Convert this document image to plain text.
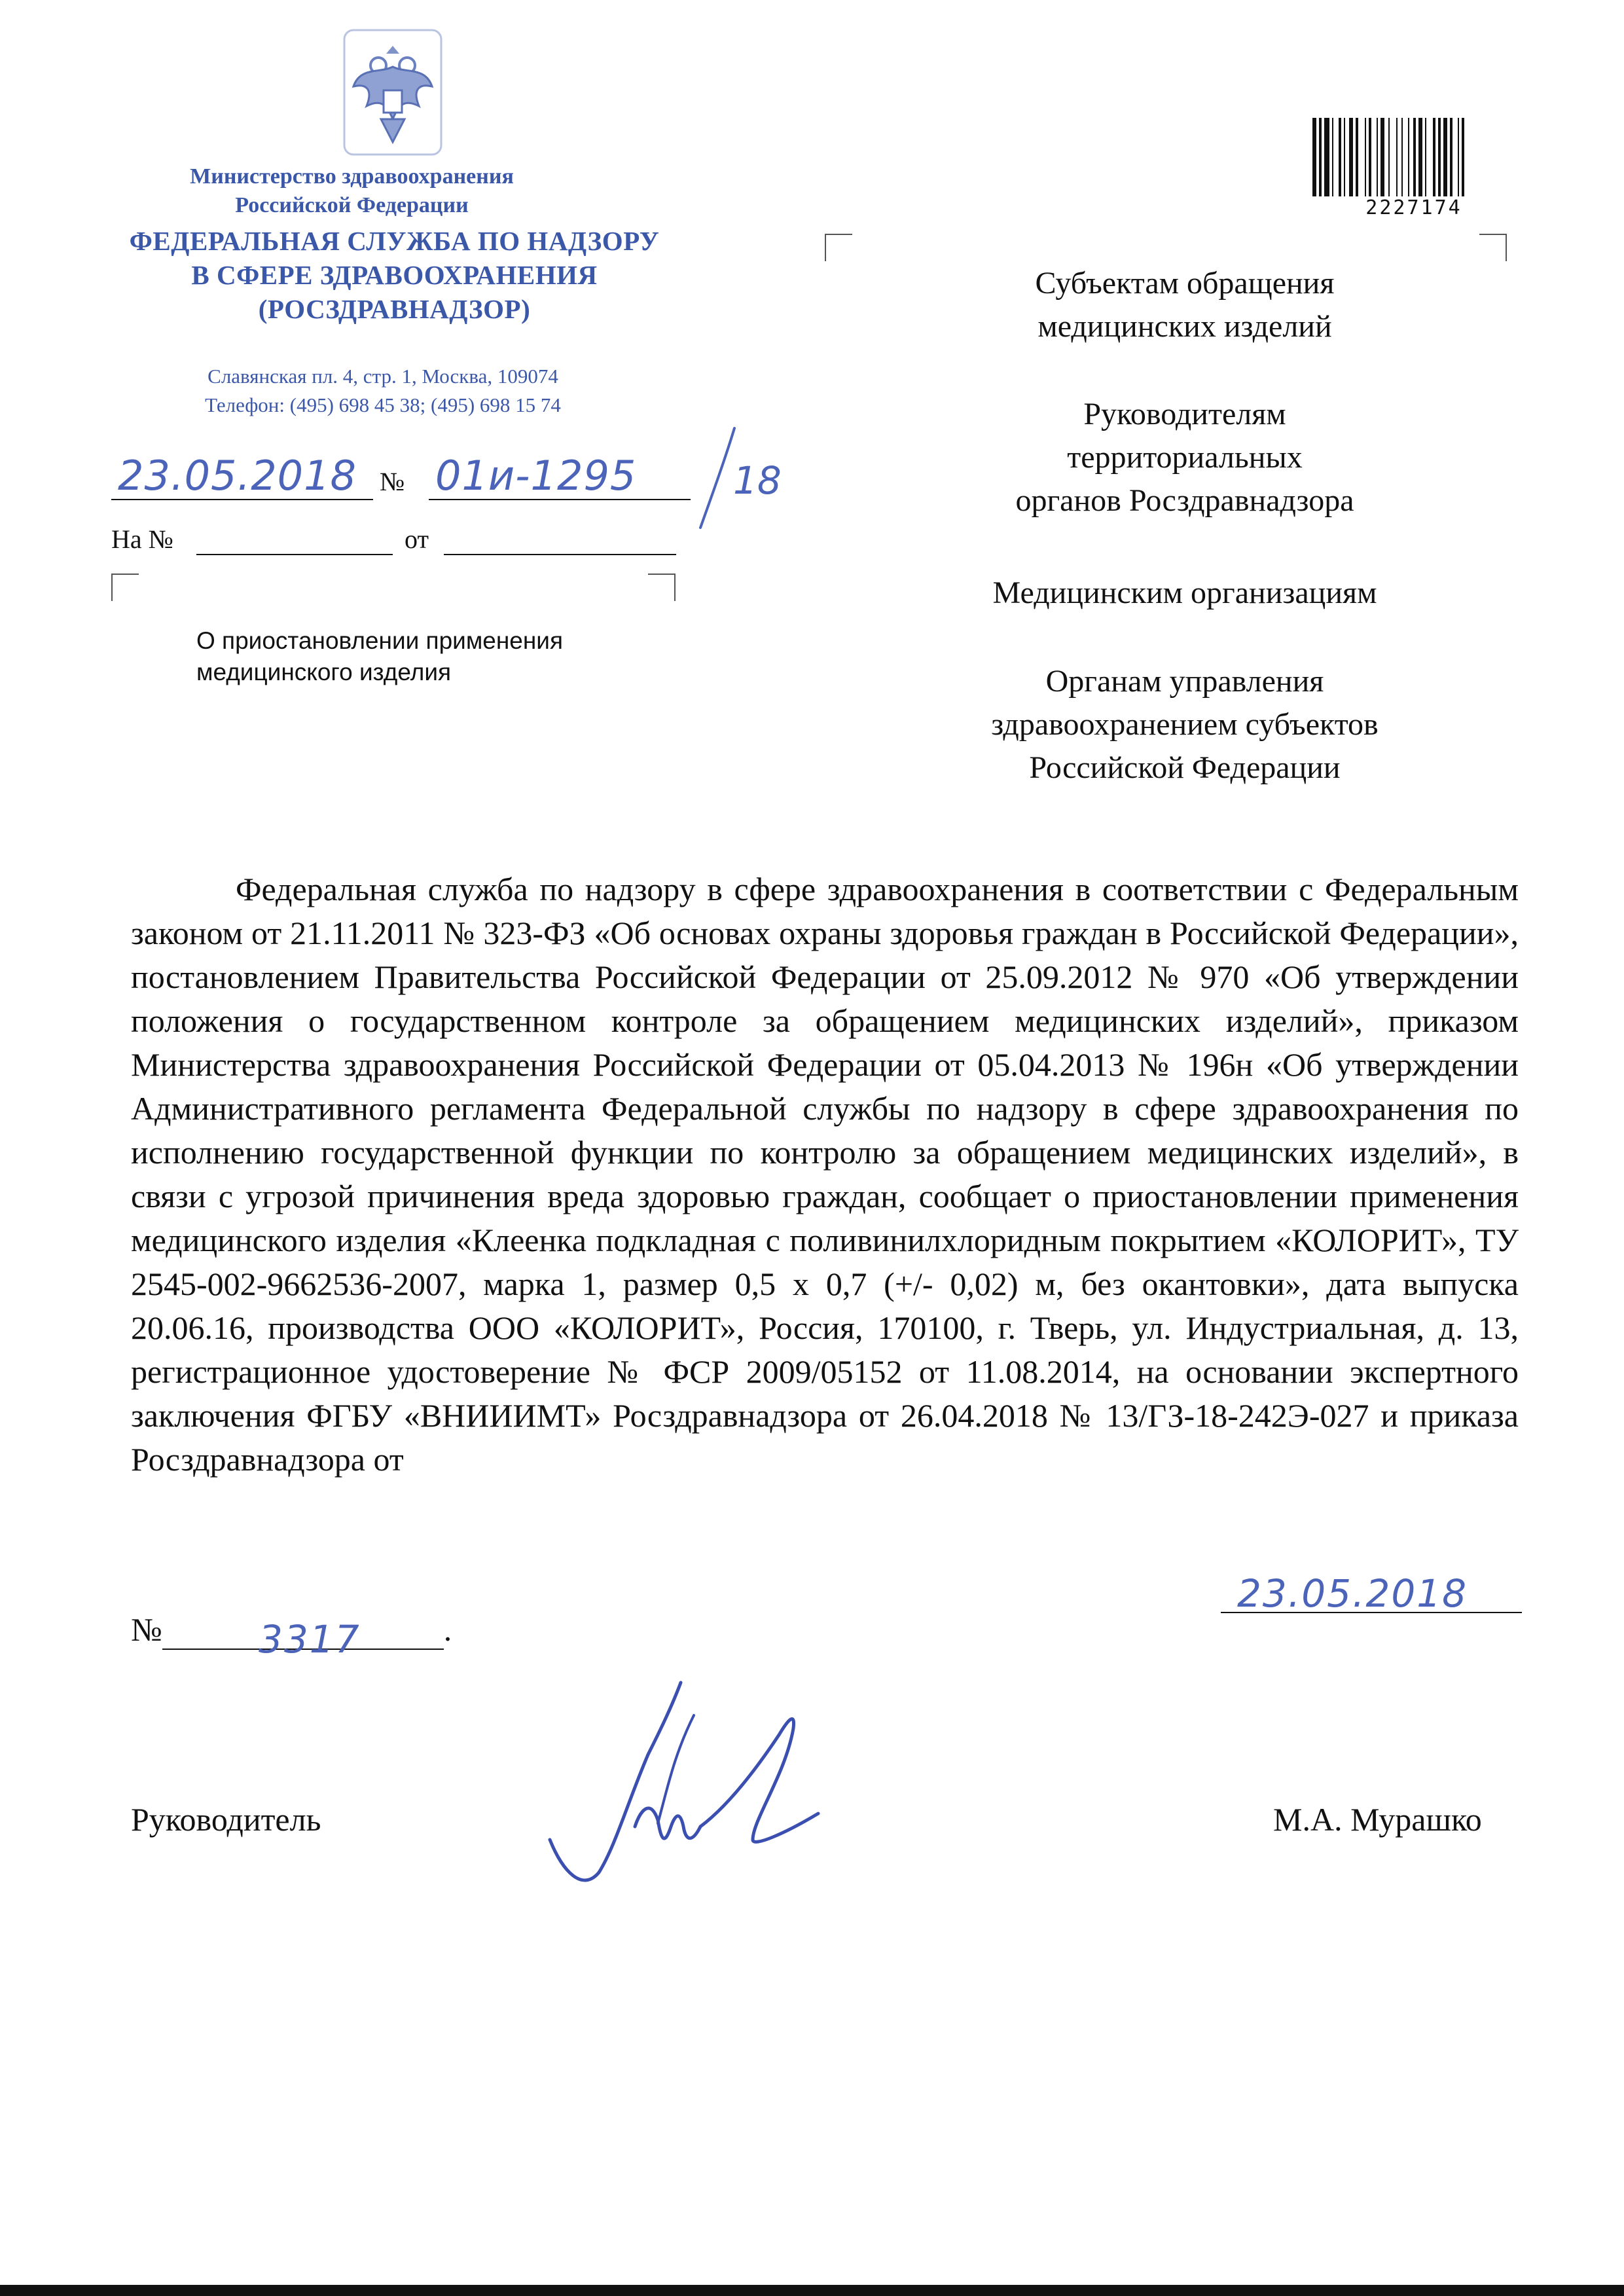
Министерство здравоохранения
Российской Федерации
ФЕДЕРАЛЬНАЯ СЛУЖБА ПО НАДЗОРУ
В СФЕРЕ ЗДРАВООХРАНЕНИЯ
(РОСЗДРАВНАДЗОР)
Славянская пл. 4, стр. 1, Москва, 109074
Телефон: (495) 698 45 38; (495) 698 15 74
23.05.2018 № 01и-1295	18
На №	от
О приостановлении применения
медицинского изделия
2227174
Субъектам обращения
медицинских изделий
Руководителям
территориальных
органов Росздравнадзора
Медицинским организациям
Органам управления
здравоохранением субъектов
Российской Федерации
Федеральная служба по надзору в сфере здравоохранения в соответствии с Федеральным законом от 21.11.2011 № 323-ФЗ «Об основах охраны здоровья граждан в Российской Федерации», постановлением Правительства Российской Федерации от 25.09.2012 № 970 «Об утверждении положения о государственном контроле за обращением медицинских изделий», приказом Министерства здравоохранения Российской Федерации от 05.04.2013 № 196н «Об утверждении Административного регламента Федеральной службы по надзору в сфере здравоохранения по исполнению государственной функции по контролю за обращением медицинских изделий», в связи с угрозой причинения вреда здоровью граждан, сообщает о приостановлении применения медицинского изделия «Клеенка подкладная с поливинилхлоридным покрытием «КОЛОРИТ», ТУ 2545-002-9662536-2007, марка 1, размер 0,5 х 0,7 (+/- 0,02) м, без окантовки», дата выпуска 20.06.16, производства ООО «КОЛОРИТ», Россия, 170100, г. Тверь, ул. Индустриальная, д. 13, регистрационное удостоверение № ФСР 2009/05152 от 11.08.2014, на основании экспертного заключения ФГБУ «ВНИИИМТ» Росздравнадзора от 26.04.2018 № 13/ГЗ-18-242Э-027 и приказа Росздравнадзора от
23.05.2018
№	.
3317
Руководитель	М.А. Мурашко
